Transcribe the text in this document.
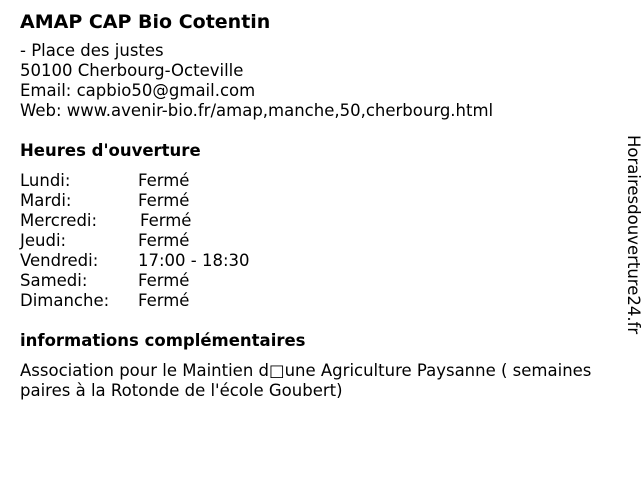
AMAP CAP Bio Cotentin
- Place des justes
50100 Cherbourg-Octeville
Email: capbio50@gmail.com
Web: www.avenir-bio.fr/amap,manche,50,cherbourg.html
Heures d'ouverture
Lundi:	Fermé
Mardi:	Fermé
Mercredi:	Fermé
Jeudi:	Fermé
Vendredi: 17:00 - 18:30
Samedi:	Fermé
Dimanche: Fermé
informations complémentaires
Association pour le Maintien d□une Agriculture Paysanne ( semaines paires à la Rotonde de l'école Goubert)
Horairesdouverture24.fr
